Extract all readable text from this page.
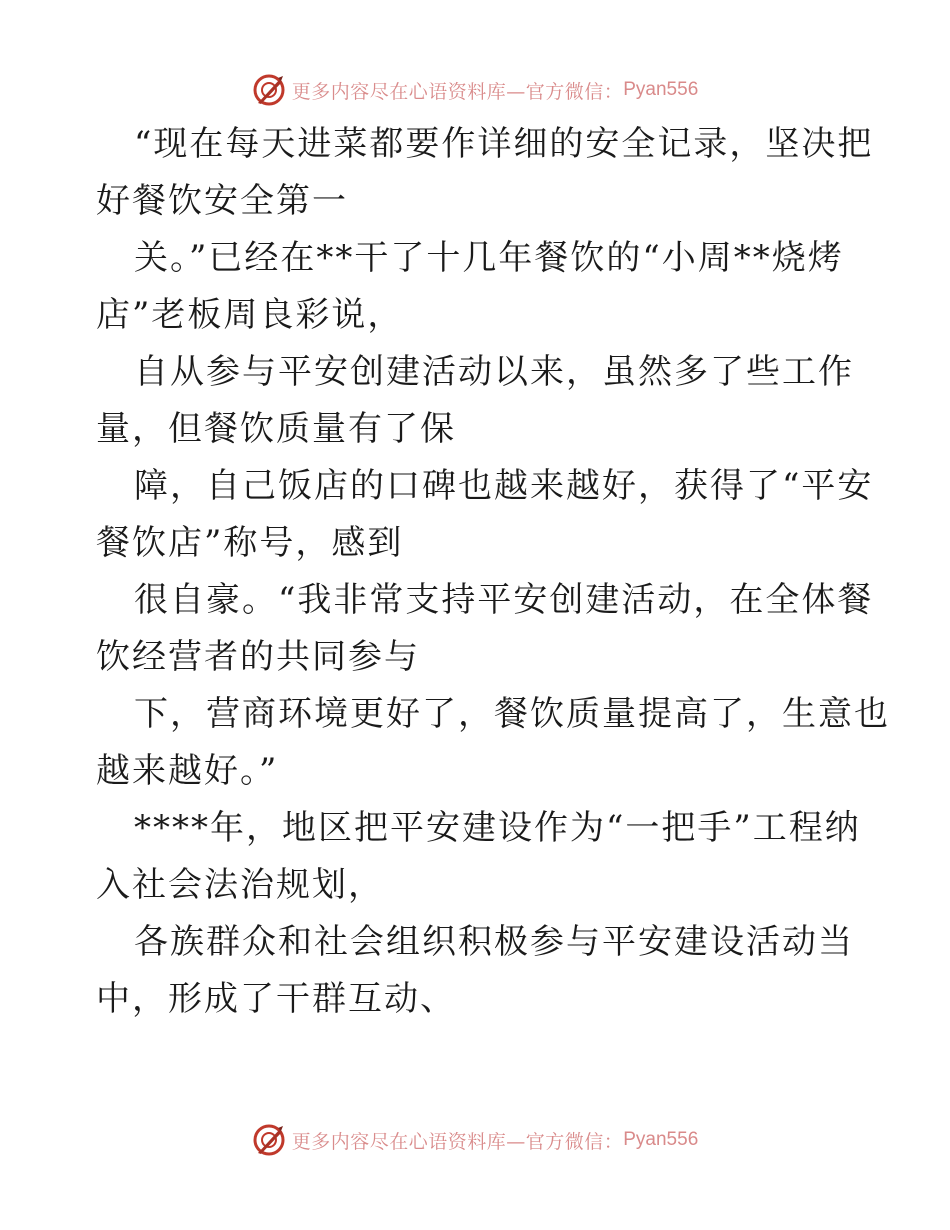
更多内容尽在心语资料库—官方微信： Pyan556
“现在每天进菜都要作详细的安全记录，坚决把
好餐饮安全第一
关。”已经在**干了十几年餐饮的“小周**烧烤
店”老板周良彩说，
自从参与平安创建活动以来，虽然多了些工作
量，但餐饮质量有了保
障，自己饭店的口碑也越来越好，获得了“平安
餐饮店”称号，感到
很自豪。“我非常支持平安创建活动，在全体餐
饮经营者的共同参与
下，营商环境更好了，餐饮质量提高了，生意也
越来越好。”
****年，地区把平安建设作为“一把手”工程纳
入社会法治规划，
各族群众和社会组织积极参与平安建设活动当
中，形成了干群互动、
更多内容尽在心语资料库—官方微信： Pyan556
